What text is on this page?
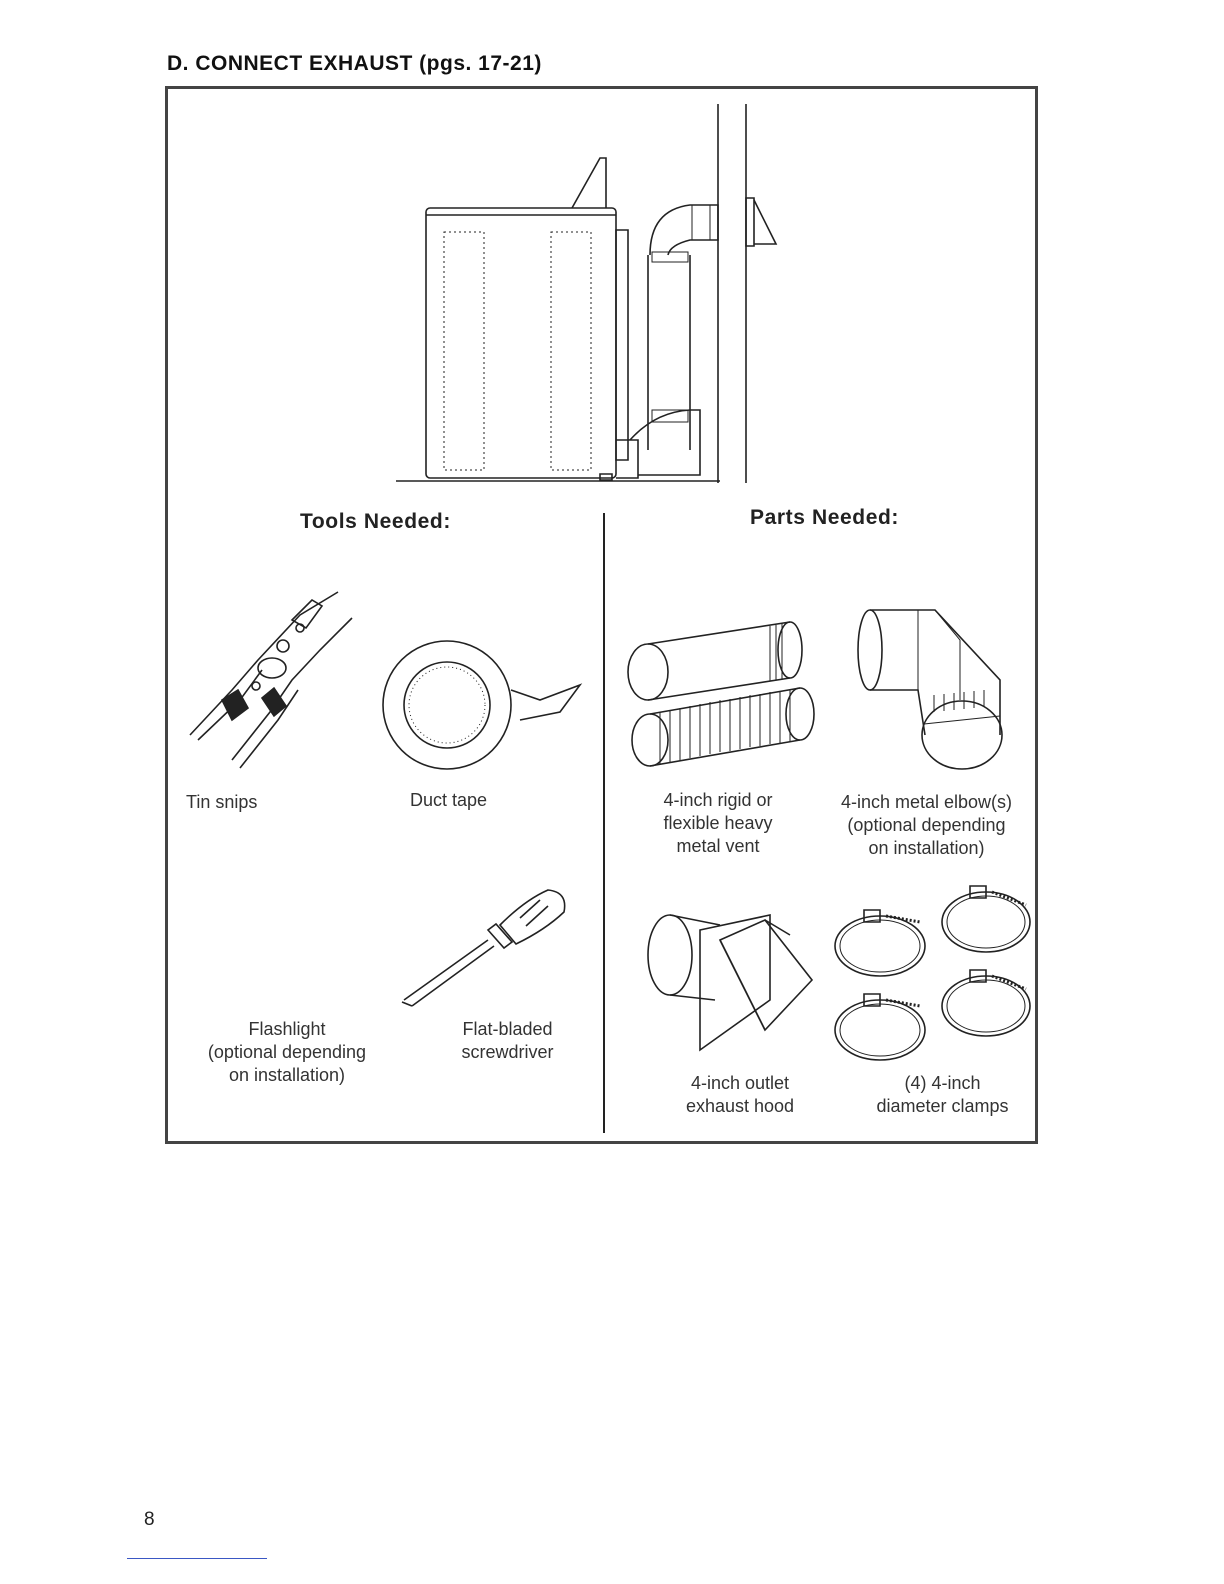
D. CONNECT EXHAUST (pgs. 17-21)
Tools Needed:	Parts Needed:
Tin snips	Duct tape
Flashlight
(optional depending
on installation)
Flat-bladed
screwdriver
4-inch rigid or
flexible heavy
metal vent
4-inch metal elbow(s)
(optional depending
on installation)
4-inch outlet
exhaust hood
(4) 4-inch
diameter clamps
8
